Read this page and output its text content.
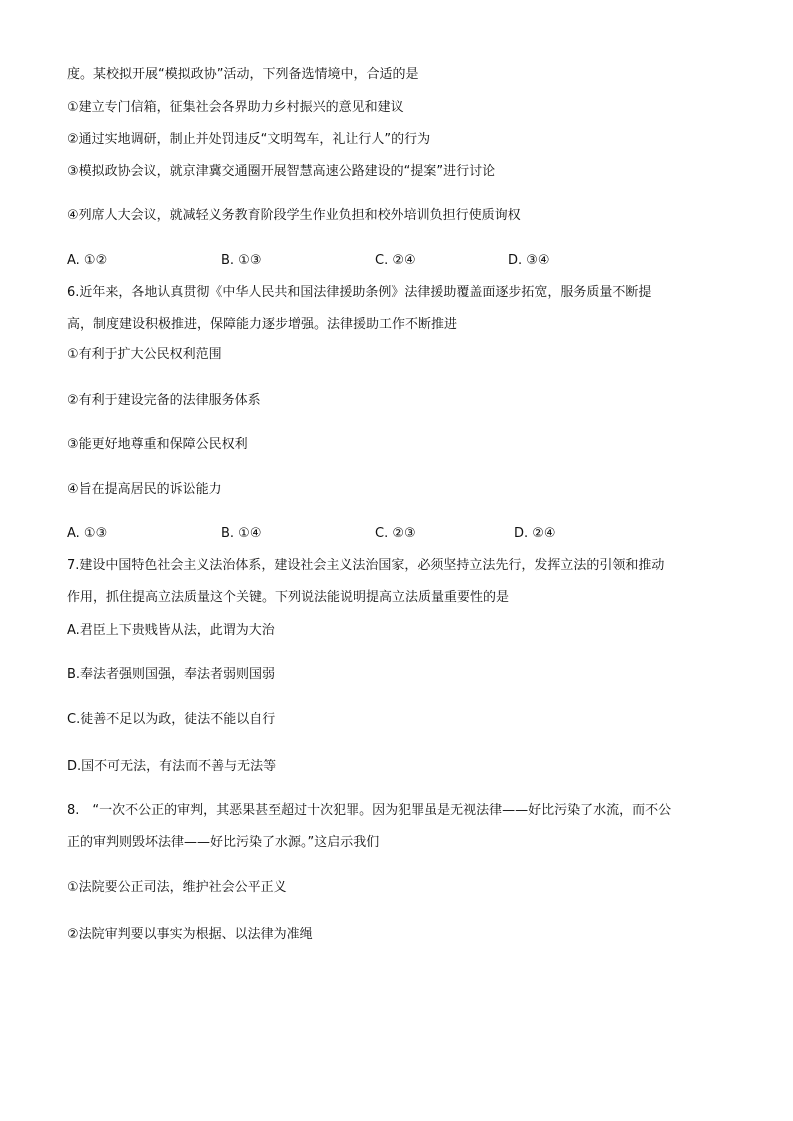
度。某校拟开展“模拟政协”活动，下列备选情境中，合适的是
①建立专门信箱，征集社会各界助力乡村振兴的意见和建议
②通过实地调研，制止并处罚违反“文明驾车，礼让行人”的行为
③模拟政协会议，就京津冀交通圈开展智慧高速公路建设的“提案”进行讨论
④列席人大会议，就减轻义务教育阶段学生作业负担和校外培训负担行使质询权
A. ①②	B. ①③	C. ②④	D. ③④
6.近年来，各地认真贯彻《中华人民共和国法律援助条例》法律援助覆盖面逐步拓宽，服务质量不断提
高，制度建设积极推进，保障能力逐步增强。法律援助工作不断推进
①有利于扩大公民权利范围
②有利于建设完备的法律服务体系
③能更好地尊重和保障公民权利
④旨在提高居民的诉讼能力
A. ①③	B. ①④	C. ②③	D. ②④
7.建设中国特色社会主义法治体系，建设社会主义法治国家，必须坚持立法先行，发挥立法的引领和推动
作用，抓住提高立法质量这个关键。下列说法能说明提高立法质量重要性的是
A.君臣上下贵贱皆从法，此谓为大治
B.奉法者强则国强，奉法者弱则国弱
C.徒善不足以为政，徒法不能以自行
D.国不可无法，有法而不善与无法等
8.　“一次不公正的审判，其恶果甚至超过十次犯罪。因为犯罪虽是无视法律——好比污染了水流，而不公
正的审判则毁坏法律——好比污染了水源。”这启示我们
①法院要公正司法，维护社会公平正义
②法院审判要以事实为根据、以法律为准绳
